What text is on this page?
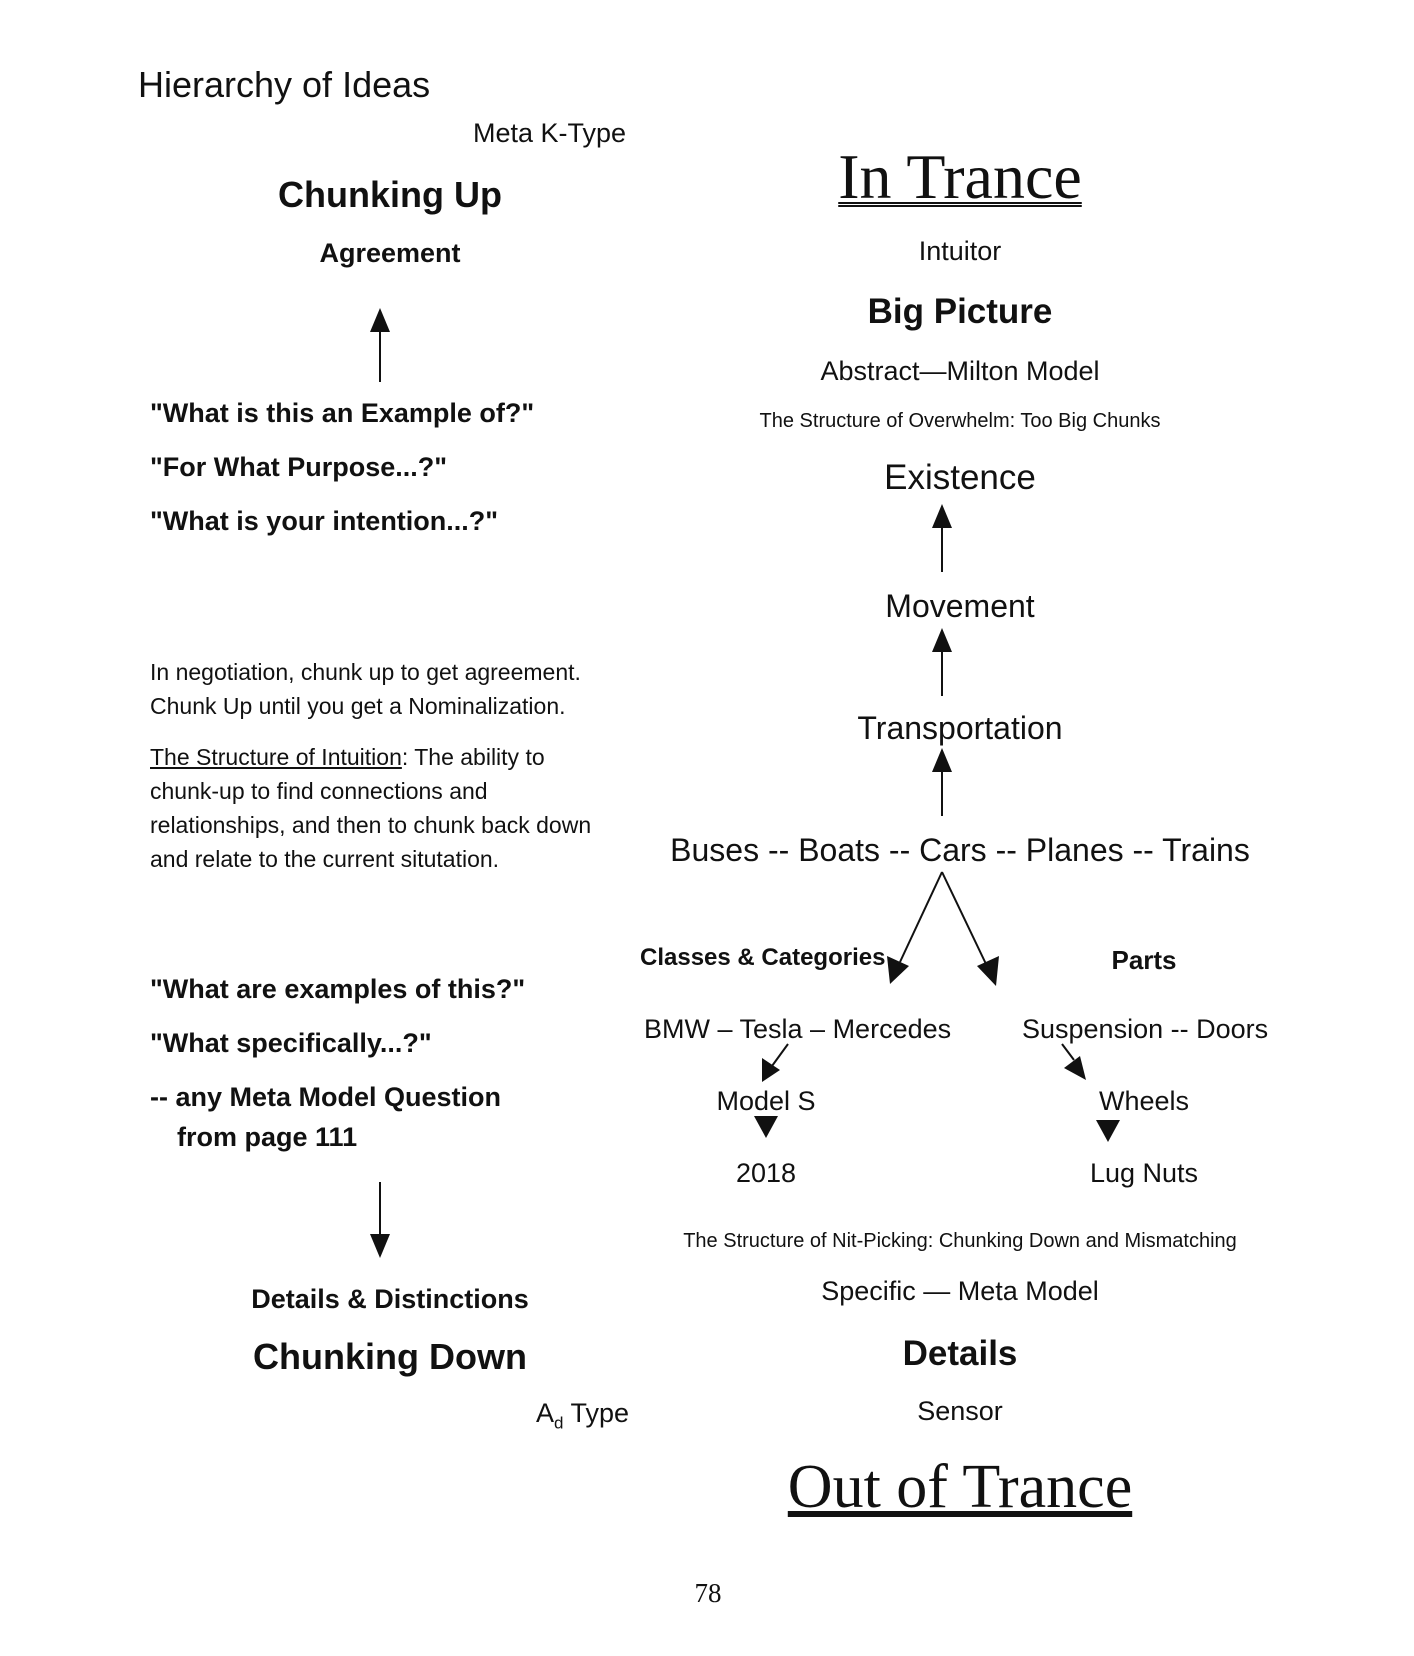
Hierarchy of Ideas
Meta K-Type
Chunking Up
Agreement
"What is this an Example of?"
"For What Purpose...?"
"What is your intention...?"
In negotiation, chunk up to get agreement.
Chunk Up until you get a Nominalization.
The Structure of Intuition: The ability to
chunk-up to find connections and
relationships, and then to chunk back down
and relate to the current situtation.
"What are examples of this?"
"What specifically...?"
-- any Meta Model Question
from page 111
Details & Distinctions
Chunking Down
$A_d$ Type
In Trance
Intuitor
Big Picture
Abstract—Milton Model
The Structure of Overwhelm: Too Big Chunks
Existence
Movement
Transportation
Buses -- Boats -- Cars -- Planes -- Trains
Classes & Categories	Parts
BMW – Tesla – Mercedes	Suspension -- Doors
Model S	Wheels
2018	Lug Nuts
The Structure of Nit-Picking: Chunking Down and Mismatching
Specific — Meta Model
Details
Sensor
Out of Trance
78
